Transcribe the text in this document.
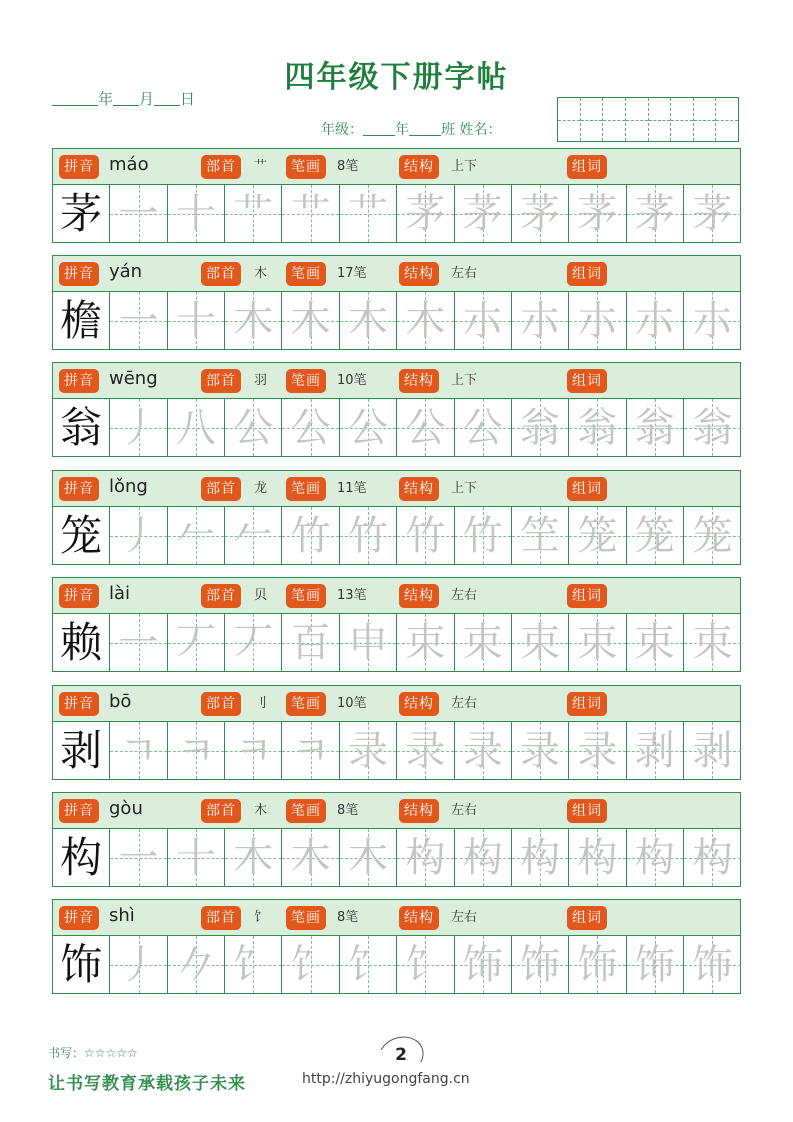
四年级下册字帖
年 月 日
年级： 年 班 姓名：
拼音 máo	部首	艹	笔画	8笔	结构	上下	组词
茅 一 十 艹 艹 艹 茅 茅 茅 茅 茅 茅
拼音 yán	部首	木	笔画	17笔	结构	左右	组词
檐 一 十 木 木 木 木 朩 朩 朩 朩 朩
拼音 wēng	部首	羽	笔画	10笔	结构	上下	组词
翁 丿 八 公 公 公 公 公 翁 翁 翁 翁
拼音 lǒng	部首	龙	笔画	11笔	结构	上下	组词
笼 丿 𠂉 𠂉 竹 竹 竹 竹 笁 笼 笼 笼
拼音 lài	部首	贝	笔画	13笔	结构	左右	组词
赖 一 丆 丆 百 申 束 束 束 束 束 束
拼音 bō	部首	刂	笔画	10笔	结构	左右	组词
剥 ㄱ ㅋ ㅋ ㅋ 录 录 录 录 录 剥 剥
拼音 gòu	部首	木	笔画	8笔	结构	左右	组词
构 一 十 木 木 木 构 构 构 构 构 构
拼音 shì	部首	饣	笔画	8笔	结构	左右	组词
饰 丿 𠂊 饣 饣 饣 饣 饰 饰 饰 饰 饰
书写：☆☆☆☆☆	2
让书写教育承载孩子未来	http://zhiyugongfang.cn
